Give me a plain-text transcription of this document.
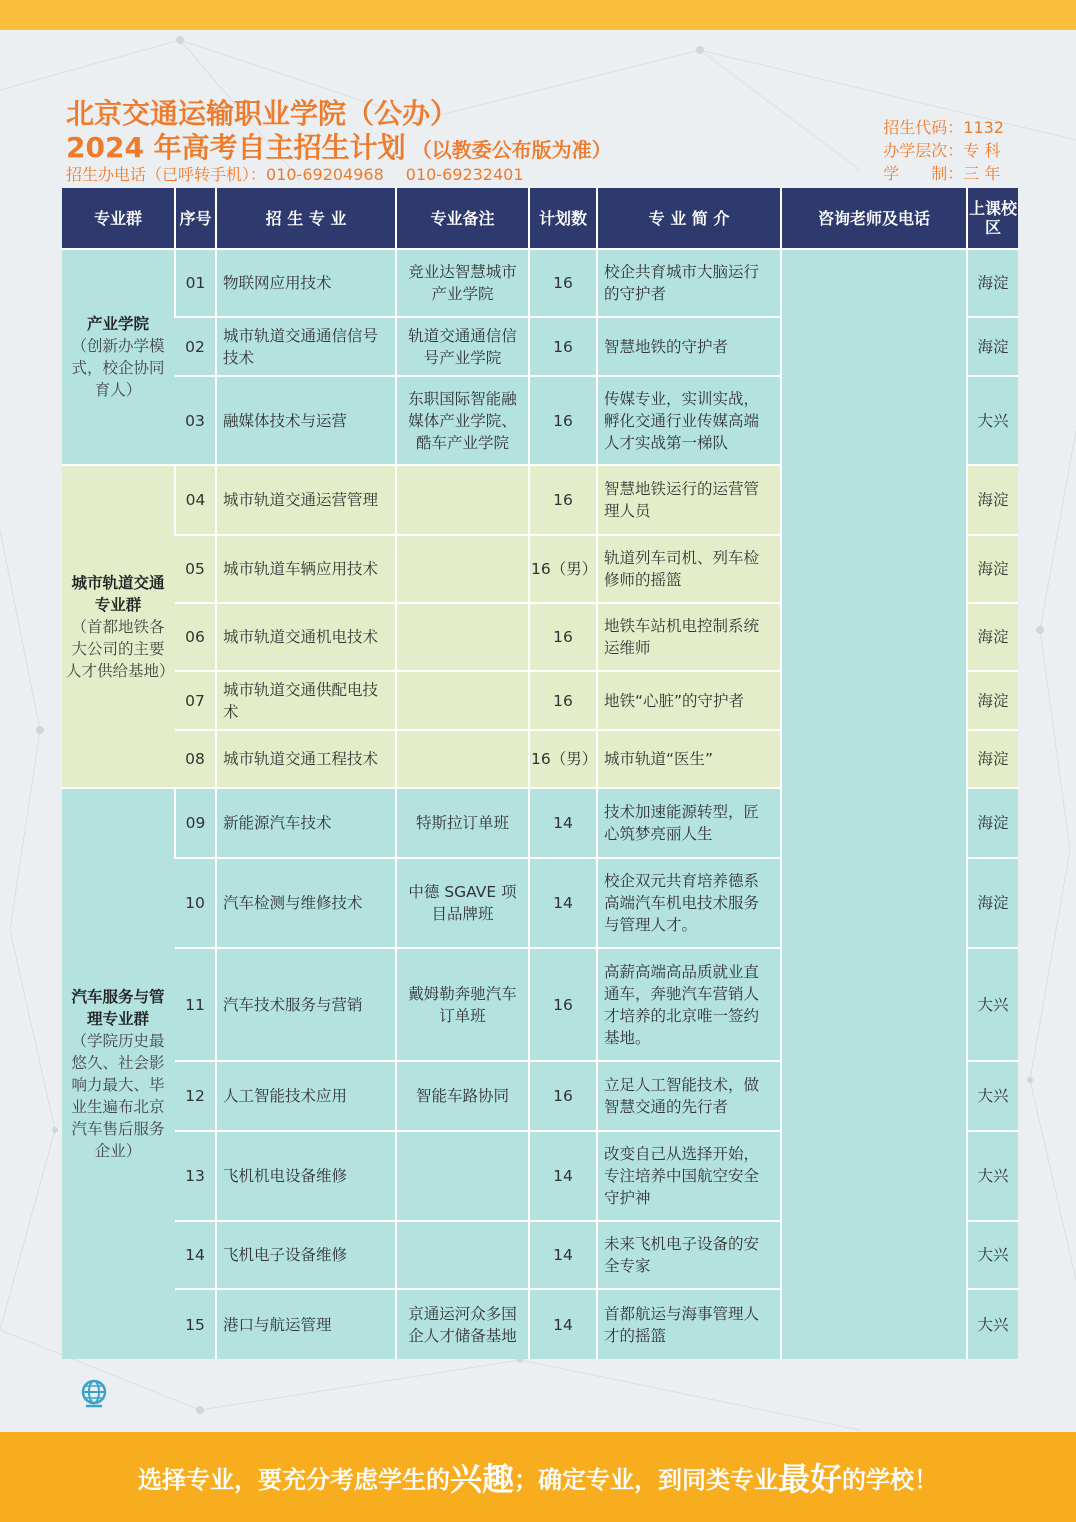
北京交通运输职业学院（公办）
2024 年高考自主招生计划 （以教委公布版为准）
招生办电话（已呼转手机）：010-69204968 010-69232401
招生代码：1132
办学层次：专 科
学　　制：三 年
专业群	序号	招 生 专 业	专业备注	计划数	专 业 简 介	咨询老师及电话	上课校区

产业学院
（创新办学模式，校企协同育人）	01	物联网应用技术	竞业达智慧城市产业学院	16	校企共育城市大脑运行的守护者		海淀
	02	城市轨道交通通信信号技术	轨道交通通信信号产业学院	16	智慧地铁的守护者		海淀
	03	融媒体技术与运营	东职国际智能融媒体产业学院、酷车产业学院	16	传媒专业，实训实战，孵化交通行业传媒高端人才实战第一梯队		大兴

城市轨道交通专业群
（首都地铁各大公司的主要人才供给基地）	04	城市轨道交通运营管理		16	智慧地铁运行的运营管理人员		海淀
	05	城市轨道车辆应用技术		16（男）	轨道列车司机、列车检修师的摇篮		海淀
	06	城市轨道交通机电技术		16	地铁车站机电控制系统运维师		海淀
	07	城市轨道交通供配电技术		16	地铁“心脏”的守护者		海淀
	08	城市轨道交通工程技术		16（男）	城市轨道“医生”		海淀

汽车服务与管理专业群
（学院历史最悠久、社会影响力最大、毕业生遍布北京汽车售后服务企业）	09	新能源汽车技术	特斯拉订单班	14	技术加速能源转型，匠心筑梦亮丽人生		海淀
	10	汽车检测与维修技术	中德 SGAVE 项目品牌班	14	校企双元共育培养德系高端汽车机电技术服务与管理人才。		海淀
	11	汽车技术服务与营销	戴姆勒奔驰汽车订单班	16	高薪高端高品质就业直通车，奔驰汽车营销人才培养的北京唯一签约基地。		大兴
	12	人工智能技术应用	智能车路协同	16	立足人工智能技术，做智慧交通的先行者		大兴
	13	飞机机电设备维修		14	改变自己从选择开始，专注培养中国航空安全守护神		大兴
	14	飞机电子设备维修		14	未来飞机电子设备的安全专家		大兴
	15	港口与航运管理	京通运河众多国企人才储备基地	14	首都航运与海事管理人才的摇篮		大兴
选择专业，要充分考虑学生的 兴趣 ；确定专业，到同类专业 最好 的学校！
